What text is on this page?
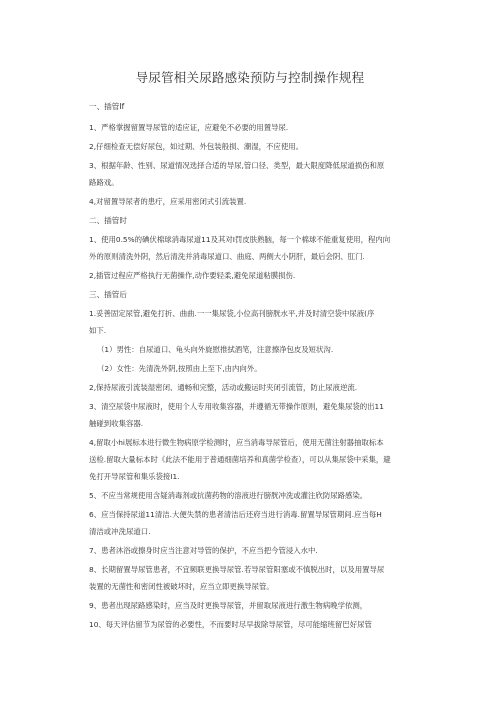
导尿管相关尿路感染预防与控制操作规程
一、插管If
1、严格掌握留置导尿管的适应证，应避免不必要的用置导尿.
2,仔细检查无偿好尿包，如过期、外包装般损、潮湿，不应使用。
3、根据年龄、性别、尿道情况选择合适的导尿,管口径、类型，最大限度降低尿道损伤和原
路路戏。
4,对留置导尿者的患疔，应采用密闭式引流装置.
二、插管时
1、使用0.5%的碘伏棉球消毒尿道11及其对I罚皮肤熟脑，每一个棉球不能重复使用，程内向
外的原则清洗外阴，然后清洗并消毒尿道口、曲庭、两侧大小阴肝，最后会阴、肛门.
2,插管过程应严格执行无菌操作,动作要轻柔,避免尿道粘膜损伤.
三、插管后
1.妥善固定尿管,避免打折、曲曲.一一集尿袋,小位高刊膀胱水平,并及时清空袋中尿液(序
如下.
（1）男性：自尿道口、龟头向外旋慰推拭酒笔，注意擦净包皮及短状沟.
（2）女性：先清洗外阴,按照由上至下,由内向外。
2,保持尿液引流装湿密闭、通畅和完整，活动或搬运时夹闭引流管，防止尿液逆流.
3、清空尿袋中尿液时，使用个人专用收集容器，并遵循无带操作原则，避免集尿袋的出11
触碰到收集容器.
4,留取小hi展标本进行微生物病原学检测时，应当消毒导尿管后，使用无菌注射器抽取标本
送检.留取大量标本时《此法不能用于普通细菌培养和真菌学检查），可以从集尿袋中采集，避
免打开导尿管和集乐袋接I1.
5、不应当常规使用含疑消毒剂或抗菌药物的溶液进行膀胱冲洗或灌注欣防尿路感染。
6、应当保持尿道11清洁.大便失禁的患者清洁后还府当进行消毒.留置导尿管期间.应当每H
清洁或冲洗尿道口.
7、患者沐浴或擦身时应当注意对导管的保护，不应当把今管浸入水中.
8、长期留置导尿管患者，不宜频联更换导尿管.若导尿管阳塞或不慎脱出时，以及用置导尿
装置的无菌性和密闭性被破坏时，应当立即更换导尿管。
9、患者出现尿路感染时，应当及时更换导尿管，并留取尿液进行激生物病晚学依测，
10、每天评估留节为尿管的必要性，不而要时尽早拔除导尿管，尽可能缩班留巴好尿管
